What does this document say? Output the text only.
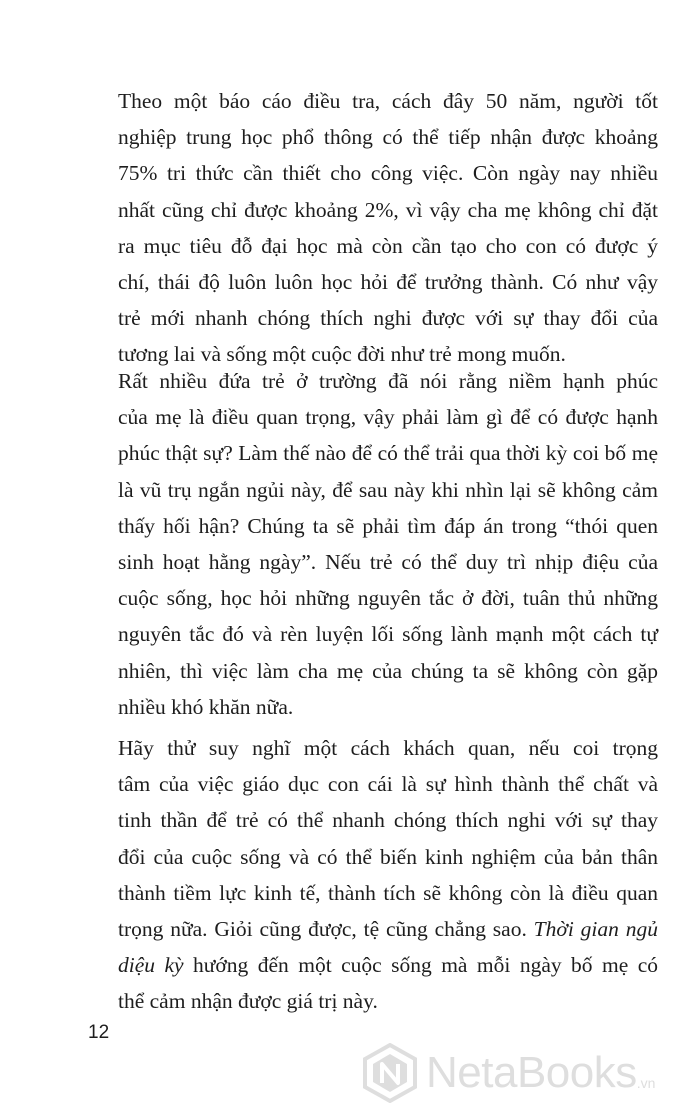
Theo một báo cáo điều tra, cách đây 50 năm, người tốt
nghiệp trung học phổ thông có thể tiếp nhận được khoảng
75% tri thức cần thiết cho công việc. Còn ngày nay nhiều
nhất cũng chỉ được khoảng 2%, vì vậy cha mẹ không chỉ đặt
ra mục tiêu đỗ đại học mà còn cần tạo cho con có được ý
chí, thái độ luôn luôn học hỏi để trưởng thành. Có như vậy
trẻ mới nhanh chóng thích nghi được với sự thay đổi của
tương lai và sống một cuộc đời như trẻ mong muốn.
Rất nhiều đứa trẻ ở trường đã nói rằng niềm hạnh phúc
của mẹ là điều quan trọng, vậy phải làm gì để có được hạnh
phúc thật sự? Làm thế nào để có thể trải qua thời kỳ coi bố mẹ
là vũ trụ ngắn ngủi này, để sau này khi nhìn lại sẽ không cảm
thấy hối hận? Chúng ta sẽ phải tìm đáp án trong “thói quen
sinh hoạt hằng ngày”. Nếu trẻ có thể duy trì nhịp điệu của
cuộc sống, học hỏi những nguyên tắc ở đời, tuân thủ những
nguyên tắc đó và rèn luyện lối sống lành mạnh một cách tự
nhiên, thì việc làm cha mẹ của chúng ta sẽ không còn gặp
nhiều khó khăn nữa.
Hãy thử suy nghĩ một cách khách quan, nếu coi trọng
tâm của việc giáo dục con cái là sự hình thành thể chất và
tinh thần để trẻ có thể nhanh chóng thích nghi với sự thay
đổi của cuộc sống và có thể biến kinh nghiệm của bản thân
thành tiềm lực kinh tế, thành tích sẽ không còn là điều quan
trọng nữa. Giỏi cũng được, tệ cũng chẳng sao. Thời gian ngủ
diệu kỳ hướng đến một cuộc sống mà mỗi ngày bố mẹ có
thể cảm nhận được giá trị này.
12
NetaBooks .vn
